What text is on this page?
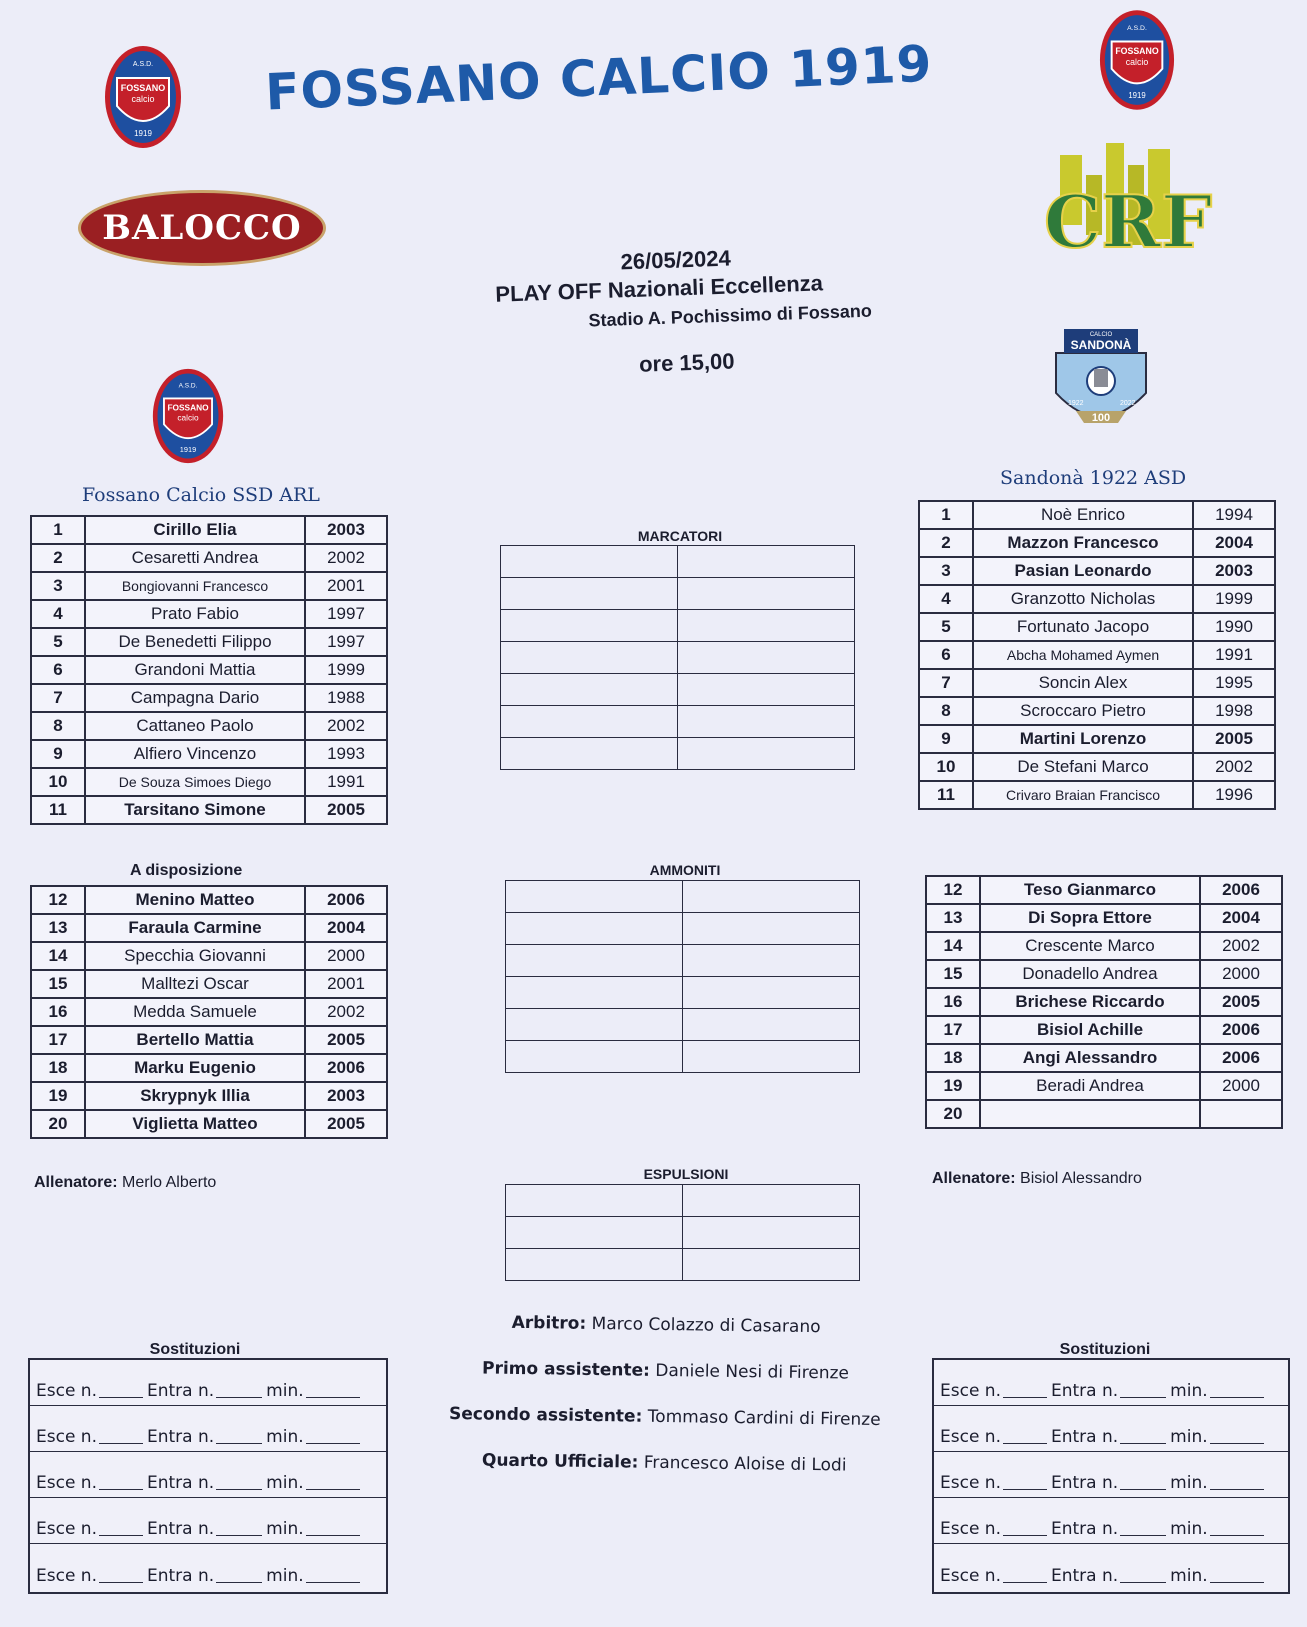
FOSSANO CALCIO 1919
A.S.D.
FOSSANO
calcio
1919
A.S.D.
FOSSANO
calcio
1919
A.S.D.
FOSSANO
calcio
1919
BALOCCO	CRF
CALCIO
SANDONÀ
1922	2022
100
26/05/2024
PLAY OFF Nazionali Eccellenza
Stadio A. Pochissimo di Fossano
ore 15,00
Fossano Calcio SSD ARL
Sandonà 1922 ASD
1	Cirillo Elia	2003
2	Cesaretti Andrea	2002
3	Bongiovanni Francesco	2001
4	Prato Fabio	1997
5	De Benedetti Filippo	1997
6	Grandoni Mattia	1999
7	Campagna Dario	1988
8	Cattaneo Paolo	2002
9	Alfiero Vincenzo	1993
10	De Souza Simoes Diego	1991
11	Tarsitano Simone	2005
A disposizione
12	Menino Matteo	2006
13	Faraula Carmine	2004
14	Specchia Giovanni	2000
15	Malltezi Oscar	2001
16	Medda Samuele	2002
17	Bertello Mattia	2005
18	Marku Eugenio	2006
19	Skrypnyk Illia	2003
20	Viglietta Matteo	2005
Allenatore: Merlo Alberto
1	Noè Enrico	1994
2	Mazzon Francesco	2004
3	Pasian Leonardo	2003
4	Granzotto Nicholas	1999
5	Fortunato Jacopo	1990
6	Abcha Mohamed Aymen	1991
7	Soncin Alex	1995
8	Scroccaro Pietro	1998
9	Martini Lorenzo	2005
10	De Stefani Marco	2002
11	Crivaro Braian Francisco	1996
12	Teso Gianmarco	2006
13	Di Sopra Ettore	2004
14	Crescente Marco	2002
15	Donadello Andrea	2000
16	Brichese Riccardo	2005
17	Bisiol Achille	2006
18	Angi Alessandro	2006
19	Beradi Andrea	2000
20		
Allenatore: Bisiol Alessandro
MARCATORI

AMMONITI

ESPULSIONI

Sostituzioni
Esce n.	Entra n.	min.
Esce n.	Entra n.	min.
Esce n.	Entra n.	min.
Esce n.	Entra n.	min.
Esce n.	Entra n.	min.
Sostituzioni
Esce n.	Entra n.	min.
Esce n.	Entra n.	min.
Esce n.	Entra n.	min.
Esce n.	Entra n.	min.
Esce n.	Entra n.	min.
Arbitro: Marco Colazzo di Casarano
Primo assistente: Daniele Nesi di Firenze
Secondo assistente: Tommaso Cardini di Firenze
Quarto Ufficiale: Francesco Aloise di Lodi
